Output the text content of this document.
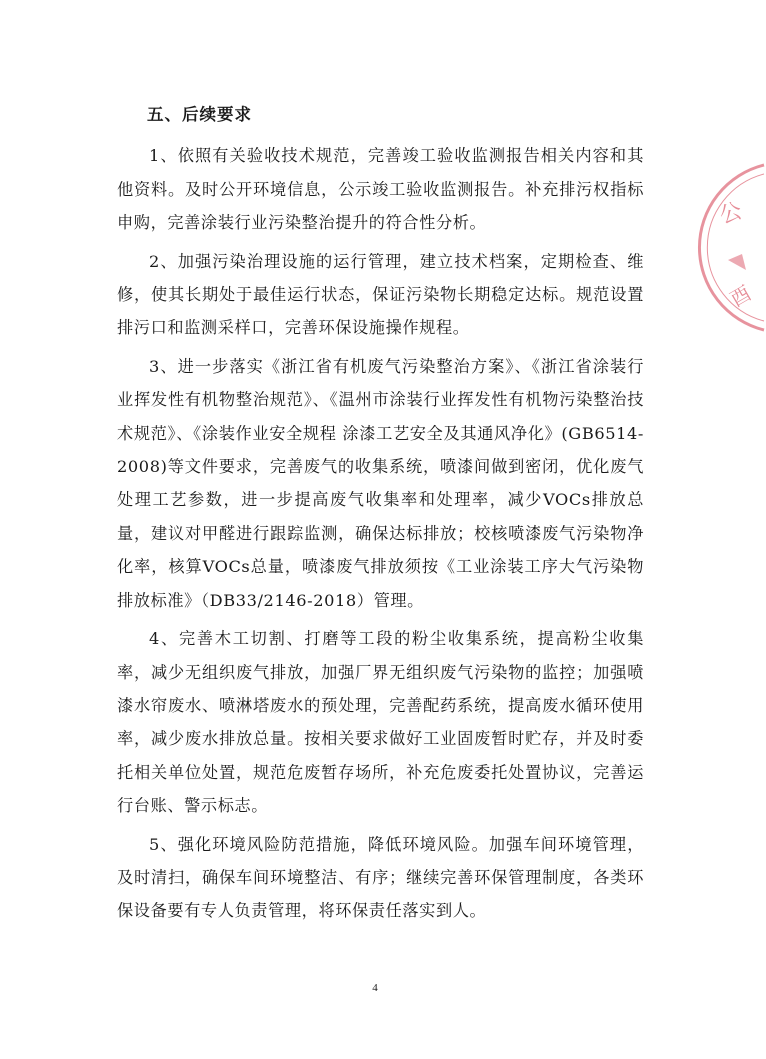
五、后续要求

1、依照有关验收技术规范，完善竣工验收监测报告相关内容和其他资料。及时公开环境信息，公示竣工验收监测报告。补充排污权指标申购，完善涂装行业污染整治提升的符合性分析。

2、加强污染治理设施的运行管理，建立技术档案，定期检查、维修，使其长期处于最佳运行状态，保证污染物长期稳定达标。规范设置排污口和监测采样口，完善环保设施操作规程。

3、进一步落实《浙江省有机废气污染整治方案》、《浙江省涂装行业挥发性有机物整治规范》、《温州市涂装行业挥发性有机物污染整治技术规范》、《涂装作业安全规程 涂漆工艺安全及其通风净化》(GB6514-2008)等文件要求，完善废气的收集系统，喷漆间做到密闭，优化废气处理工艺参数，进一步提高废气收集率和处理率，减少VOCs排放总量，建议对甲醛进行跟踪监测，确保达标排放；校核喷漆废气污染物净化率，核算VOCs总量，喷漆废气排放须按《工业涂装工序大气污染物排放标准》（DB33/2146-2018）管理。

4、完善木工切割、打磨等工段的粉尘收集系统，提高粉尘收集率，减少无组织废气排放，加强厂界无组织废气污染物的监控；加强喷漆水帘废水、喷淋塔废水的预处理，完善配药系统，提高废水循环使用率，减少废水排放总量。按相关要求做好工业固废暂时贮存，并及时委托相关单位处置，规范危废暂存场所，补充危废委托处置协议，完善运行台账、警示标志。

5、强化环境风险防范措施，降低环境风险。加强车间环境管理，及时清扫，确保车间环境整洁、有序；继续完善环保管理制度，各类环保设备要有专人负责管理，将环保责任落实到人。

公
酉
4
